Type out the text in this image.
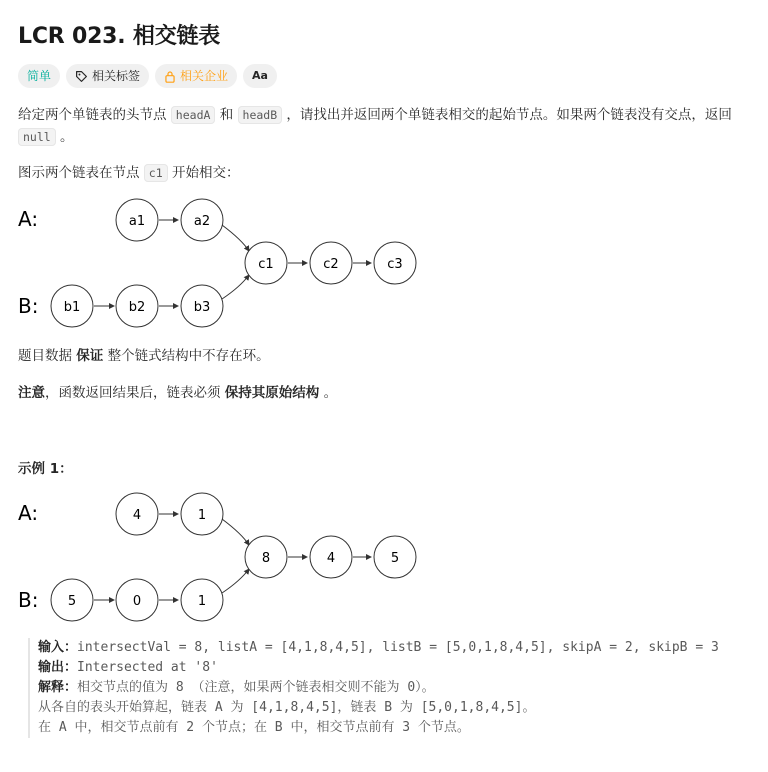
LCR 023. 相交链表
简单	相关标签	相关企业 Aa
给定两个单链表的头节点 headA 和 headB ，请找出并返回两个单链表相交的起始节点。如果两个链表没有交点，返回
null 。
图示两个链表在节点 c1 开始相交：
A:
B:
a1	a2
c1	c2	c3
b1	b2	b3
题目数据 保证 整个链式结构中不存在环。
注意，函数返回结果后，链表必须 保持其原始结构 。
示例 1：
A:
B:
4	1
8	4	5
5	0	1
输入：intersectVal = 8, listA = [4,1,8,4,5], listB = [5,0,1,8,4,5], skipA = 2, skipB = 3
输出：Intersected at '8'
解释：相交节点的值为 8 （注意，如果两个链表相交则不能为 0）。
从各自的表头开始算起，链表 A 为 [4,1,8,4,5]，链表 B 为 [5,0,1,8,4,5]。
在 A 中，相交节点前有 2 个节点；在 B 中，相交节点前有 3 个节点。
